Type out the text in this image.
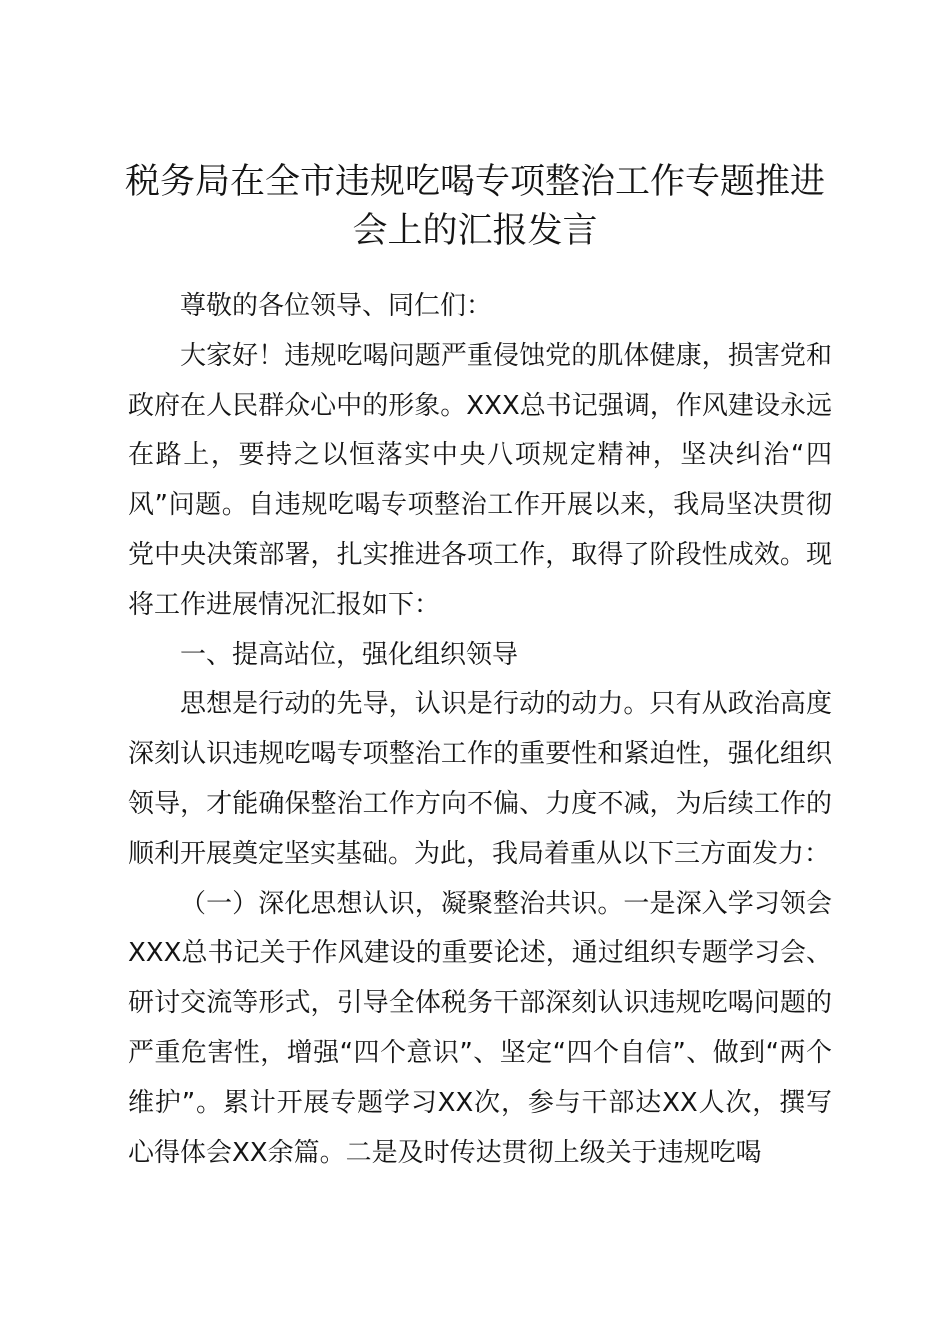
税务局在全市违规吃喝专项整治工作专题推进会上的汇报发言

尊敬的各位领导、同仁们：

大家好！违规吃喝问题严重侵蚀党的肌体健康，损害党和政府在人民群众心中的形象。XXX总书记强调，作风建设永远在路上，要持之以恒落实中央八项规定精神，坚决纠治“四风”问题。自违规吃喝专项整治工作开展以来，我局坚决贯彻党中央决策部署，扎实推进各项工作，取得了阶段性成效。现将工作进展情况汇报如下：

一、提高站位，强化组织领导

思想是行动的先导，认识是行动的动力。只有从政治高度深刻认识违规吃喝专项整治工作的重要性和紧迫性，强化组织领导，才能确保整治工作方向不偏、力度不减，为后续工作的顺利开展奠定坚实基础。为此，我局着重从以下三方面发力：

（一）深化思想认识，凝聚整治共识。一是深入学习领会XXX总书记关于作风建设的重要论述，通过组织专题学习会、研讨交流等形式，引导全体税务干部深刻认识违规吃喝问题的严重危害性，增强“四个意识”、坚定“四个自信”、做到“两个维护”。累计开展专题学习XX次，参与干部达XX人次，撰写心得体会XX余篇。二是及时传达贯彻上级关于违规吃喝
